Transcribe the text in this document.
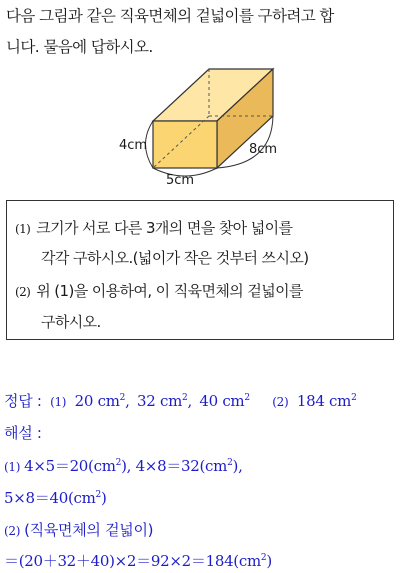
다음 그림과 같은 직육면체의 겉넓이를 구하려고 합
니다. 물음에 답하시오.
4cm
5cm
8cm
(1) 크기가 서로 다른 3개의 면을 찾아 넓이를
각각 구하시오.(넓이가 작은 것부터 쓰시오)
(2) 위 (1)을 이용하여, 이 직육면체의 겉넓이를
구하시오.
정답 : (1) 20 $cm^2$, 32 $cm^2$, 40 $cm^2$ (2) 184 $cm^2$
해설 :
(1) $4\times 5=20(cm^2)$, $4\times 8=32(cm^2)$,
$5\times 8=40(cm^2)$
(2) (직육면체의 겉넓이)
$=(20+32+40)\times 2=92\times 2=184(cm^2)$
